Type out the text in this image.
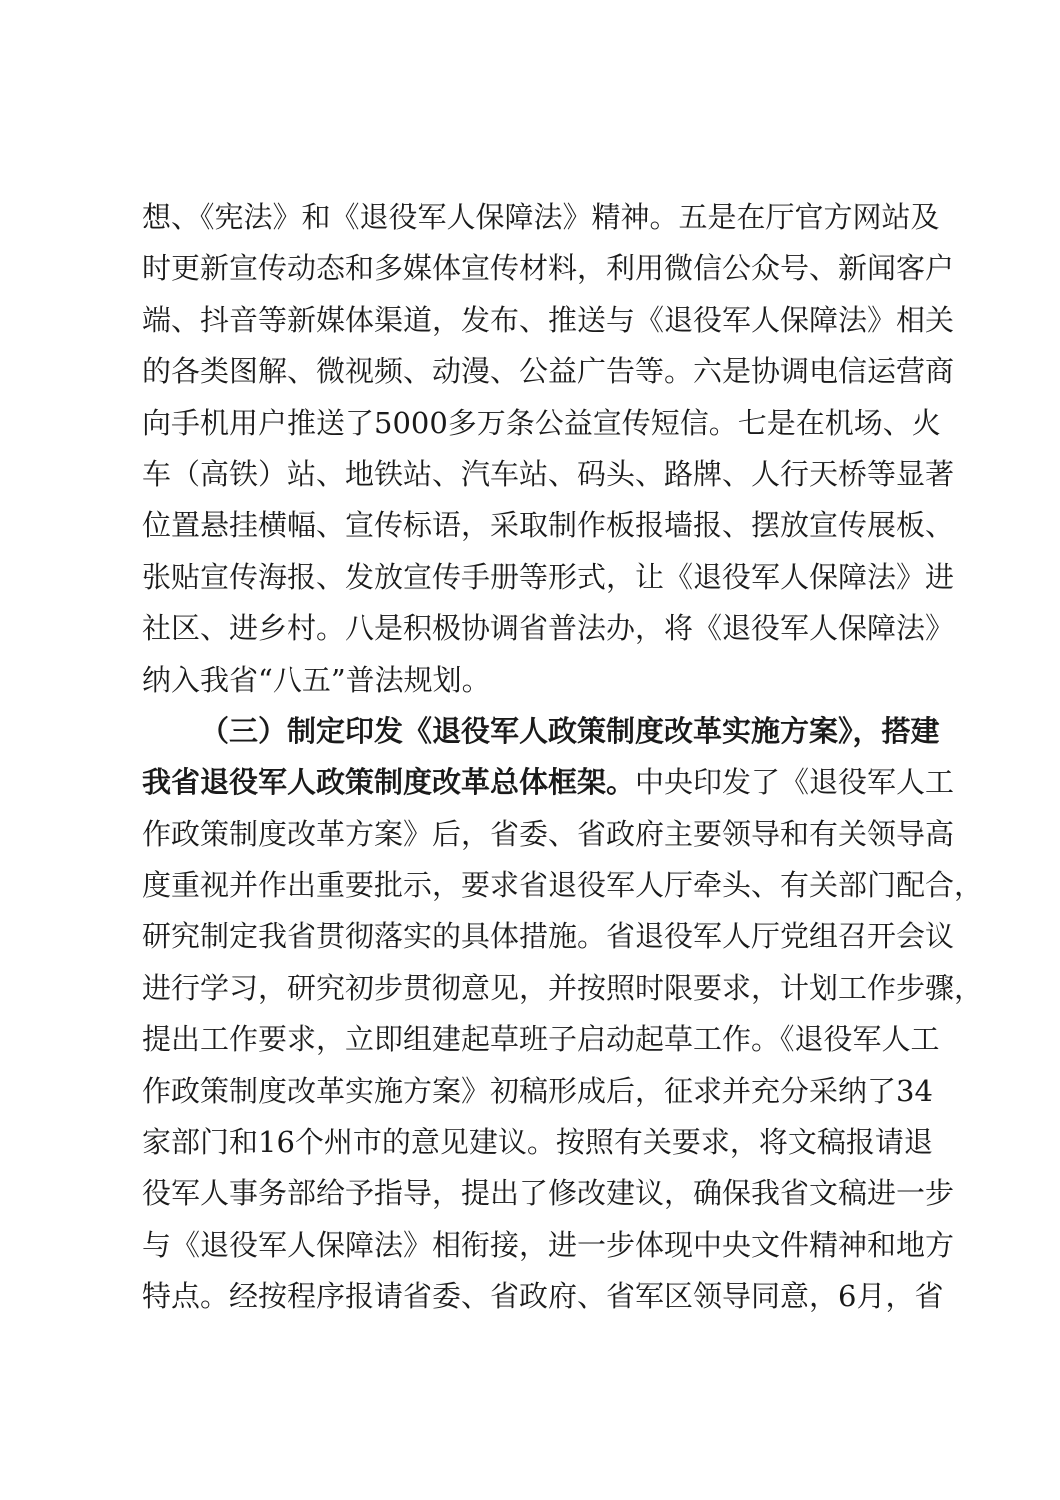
想、《宪法》和《退役军人保障法》精神。五是在厅官方网站及
时更新宣传动态和多媒体宣传材料，利用微信公众号、新闻客户
端、抖音等新媒体渠道，发布、推送与《退役军人保障法》相关
的各类图解、微视频、动漫、公益广告等。六是协调电信运营商
向手机用户推送了5000多万条公益宣传短信。七是在机场、火
车（高铁）站、地铁站、汽车站、码头、路牌、人行天桥等显著
位置悬挂横幅、宣传标语，采取制作板报墙报、摆放宣传展板、
张贴宣传海报、发放宣传手册等形式，让《退役军人保障法》进
社区、进乡村。八是积极协调省普法办，将《退役军人保障法》
纳入我省“八五”普法规划。
（三）制定印发《退役军人政策制度改革实施方案》，搭建
我省退役军人政策制度改革总体框架。中央印发了《退役军人工
作政策制度改革方案》后，省委、省政府主要领导和有关领导高
度重视并作出重要批示，要求省退役军人厅牵头、有关部门配合，
研究制定我省贯彻落实的具体措施。省退役军人厅党组召开会议
进行学习，研究初步贯彻意见，并按照时限要求，计划工作步骤，
提出工作要求，立即组建起草班子启动起草工作。《退役军人工
作政策制度改革实施方案》初稿形成后，征求并充分采纳了34
家部门和16个州市的意见建议。按照有关要求，将文稿报请退
役军人事务部给予指导，提出了修改建议，确保我省文稿进一步
与《退役军人保障法》相衔接，进一步体现中央文件精神和地方
特点。经按程序报请省委、省政府、省军区领导同意，6月，省
